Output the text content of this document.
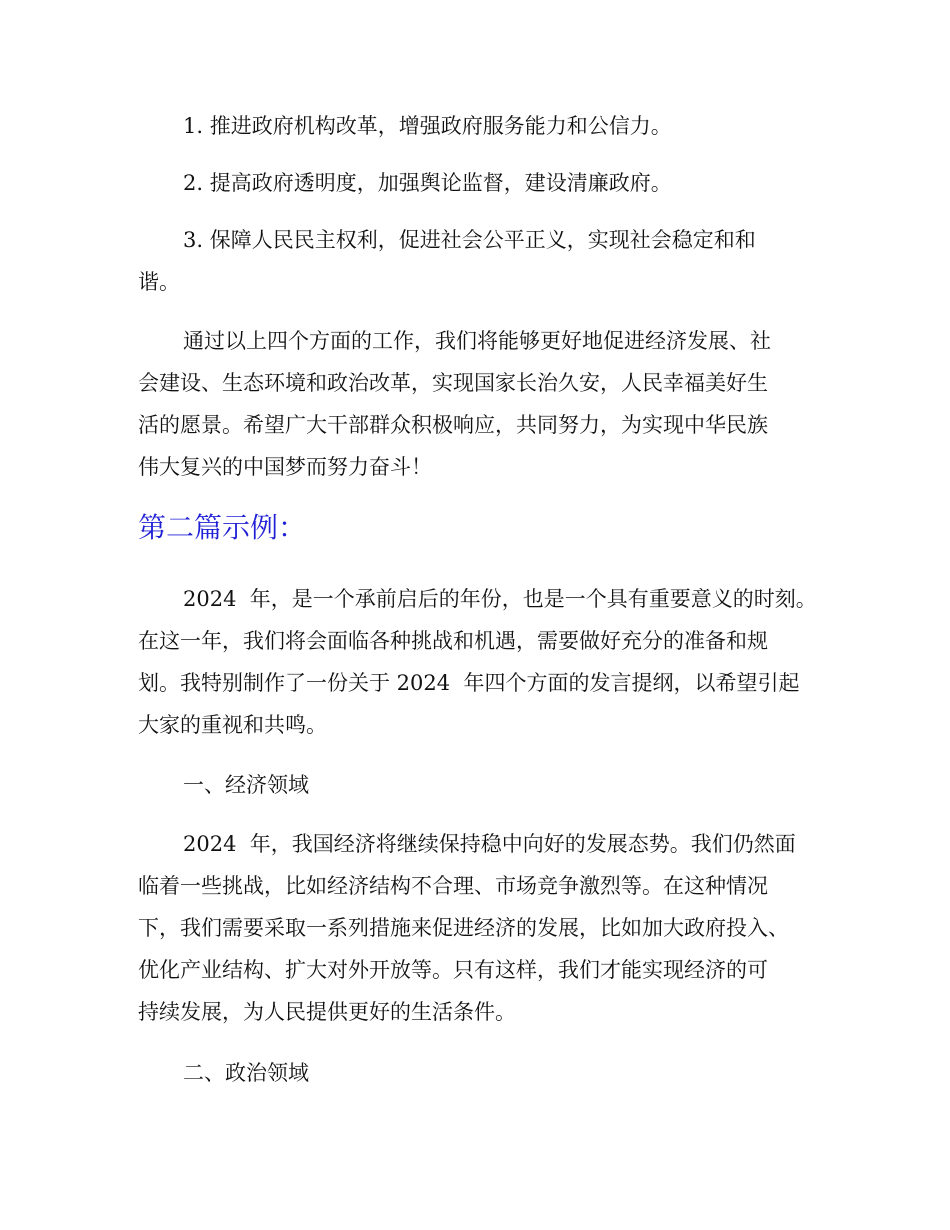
1. 推进政府机构改革，增强政府服务能力和公信力。
2. 提高政府透明度，加强舆论监督，建设清廉政府。
3. 保障人民民主权利，促进社会公平正义，实现社会稳定和和
谐。
通过以上四个方面的工作，我们将能够更好地促进经济发展、社
会建设、生态环境和政治改革，实现国家长治久安，人民幸福美好生
活的愿景。希望广大干部群众积极响应，共同努力，为实现中华民族
伟大复兴的中国梦而努力奋斗！
第二篇示例：
2024  年，是一个承前启后的年份，也是一个具有重要意义的时刻。
在这一年，我们将会面临各种挑战和机遇，需要做好充分的准备和规
划。我特别制作了一份关于 2024  年四个方面的发言提纲，以希望引起
大家的重视和共鸣。
一、经济领域
2024  年，我国经济将继续保持稳中向好的发展态势。我们仍然面
临着一些挑战，比如经济结构不合理、市场竞争激烈等。在这种情况
下，我们需要采取一系列措施来促进经济的发展，比如加大政府投入、
优化产业结构、扩大对外开放等。只有这样，我们才能实现经济的可
持续发展，为人民提供更好的生活条件。
二、政治领域
